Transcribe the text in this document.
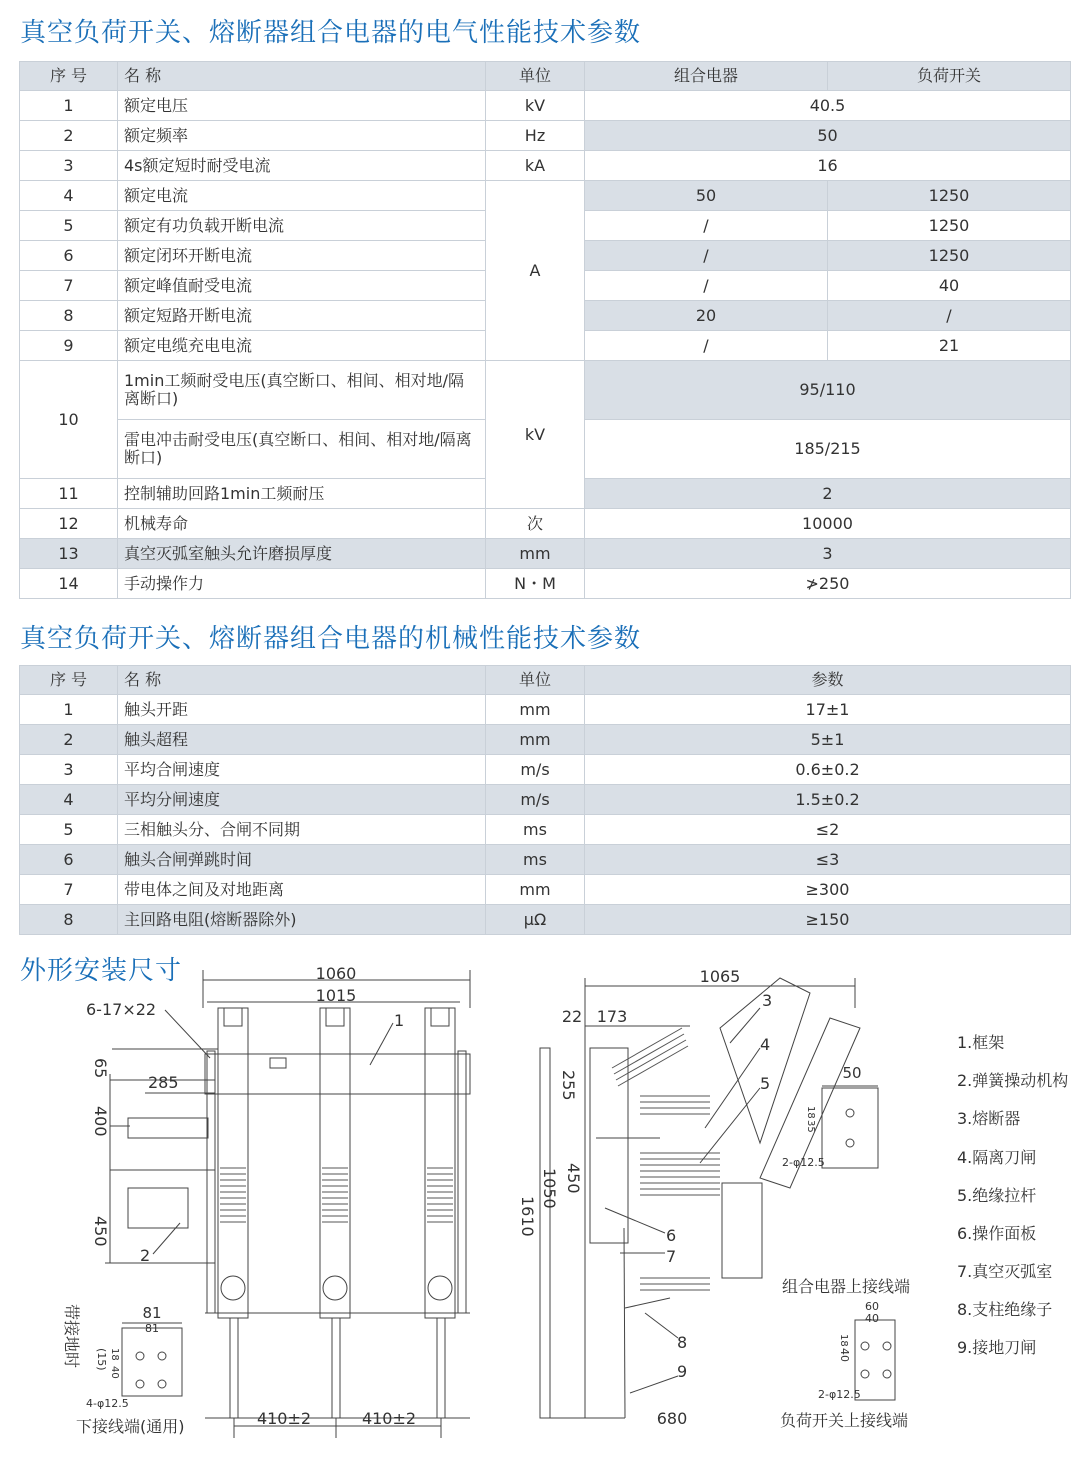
真空负荷开关、熔断器组合电器的电气性能技术参数
序 号	名 称	单位	组合电器	负荷开关
1	额定电压	kV	40.5	
2	额定频率	Hz	50	
3	4s额定短时耐受电流	kA	16	
4	额定电流	A	50	1250
5	额定有功负载开断电流		/	1250
6	额定闭环开断电流		/	1250
7	额定峰值耐受电流		/	40
8	额定短路开断电流		20	/
9	额定电缆充电电流		/	21
10	1min工频耐受电压(真空断口、相间、相对地/隔离断口)	kV	95/110	
	雷电冲击耐受电压(真空断口、相间、相对地/隔离断口)		185/215	
11	控制辅助回路1min工频耐压		2	
12	机械寿命	次	10000	
13	真空灭弧室触头允许磨损厚度	mm	3	
14	手动操作力	N・M	≯250	
真空负荷开关、熔断器组合电器的机械性能技术参数
序 号	名 称	单位	参数
1	触头开距	mm	17±1
2	触头超程	mm	5±1
3	平均合闸速度	m/s	0.6±0.2
4	平均分闸速度	m/s	1.5±0.2
5	三相触头分、合闸不同期	ms	≤2
6	触头合闸弹跳时间	ms	≤3
7	带电体之间及对地距离	mm	≥300
8	主回路电阻(熔断器除外)	μΩ	≥150
外形安装尺寸	1060
1015
6-17×22
1
285
2
410±2	410±2
65
400
450
81
81
(15) 18
40
4-φ12.5
下接线端(通用)
带接地时
1065
22 173
255
450
1050
1610
680
3
4
5
6
7
8
9
50
18
35
2-φ12.5
组合电器上接线端
60
40
18
40
2-φ12.5
负荷开关上接线端
1.框架
2.弹簧操动机构
3.熔断器
4.隔离刀闸
5.绝缘拉杆
6.操作面板
7.真空灭弧室
8.支柱绝缘子
9.接地刀闸
